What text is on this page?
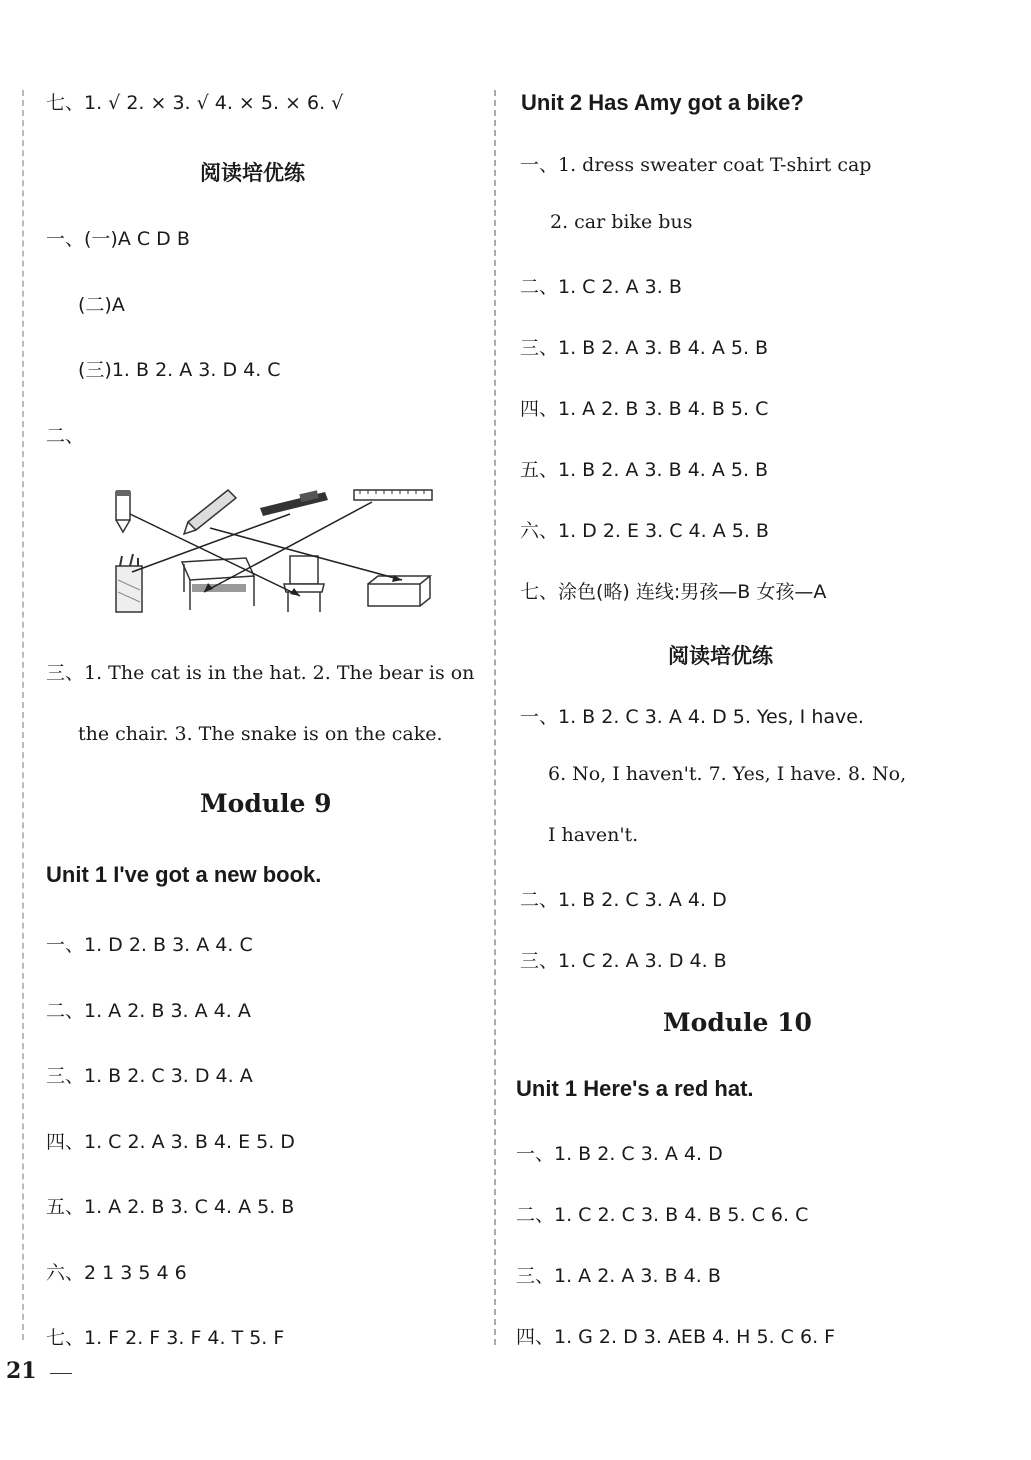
七、1. √ 2. × 3. √ 4. × 5. × 6. √
阅读培优练
一、(一)A C D B
(二)A
(三)1. B 2. A 3. D 4. C
二、
三、1. The cat is in the hat. 2. The bear is on
the chair. 3. The snake is on the cake.
Module 9
Unit 1 I've got a new book.
一、1. D 2. B 3. A 4. C
二、1. A 2. B 3. A 4. A
三、1. B 2. C 3. D 4. A
四、1. C 2. A 3. B 4. E 5. D
五、1. A 2. B 3. C 4. A 5. B
六、2 1 3 5 4 6
七、1. F 2. F 3. F 4. T 5. F
Unit 2 Has Amy got a bike?
一、1. dress sweater coat T-shirt cap
2. car bike bus
二、1. C 2. A 3. B
三、1. B 2. A 3. B 4. A 5. B
四、1. A 2. B 3. B 4. B 5. C
五、1. B 2. A 3. B 4. A 5. B
六、1. D 2. E 3. C 4. A 5. B
七、涂色(略) 连线:男孩—B 女孩—A
阅读培优练
一、1. B 2. C 3. A 4. D 5. Yes, I have.
6. No, I haven't. 7. Yes, I have. 8. No,
I haven't.
二、1. B 2. C 3. A 4. D
三、1. C 2. A 3. D 4. B
Module 10
Unit 1 Here's a red hat.
一、1. B 2. C 3. A 4. D
二、1. C 2. C 3. B 4. B 5. C 6. C
三、1. A 2. A 3. B 4. B
四、1. G 2. D 3. AEB 4. H 5. C 6. F
21
